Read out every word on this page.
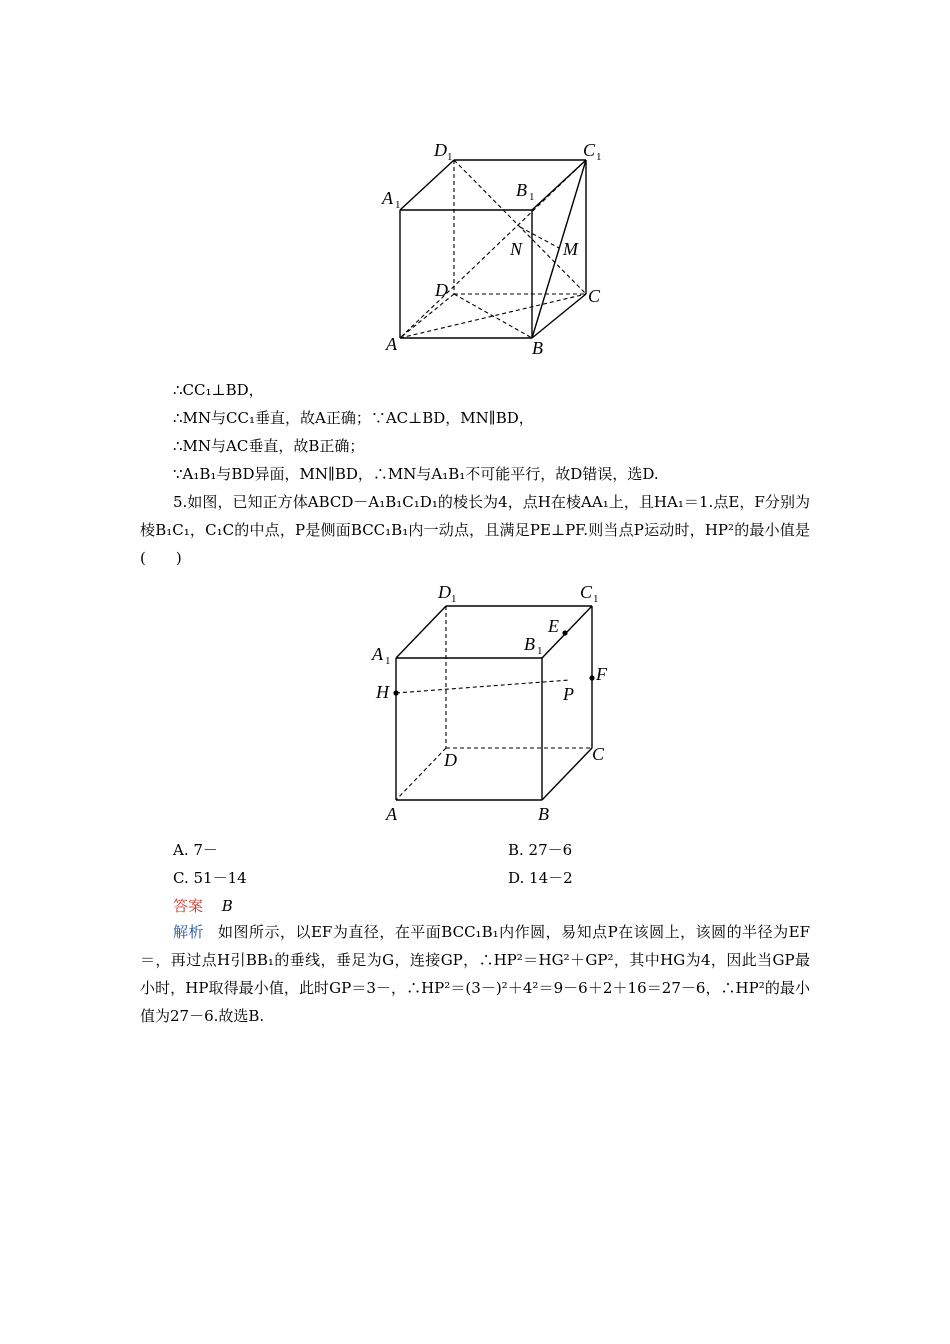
D 1	C 1
A 1
B 1
N M
D	C
A	B
∴CC₁⊥BD，
∴MN与CC₁垂直，故A正确；∵AC⊥BD，MN∥BD，
∴MN与AC垂直，故B正确；
∵A₁B₁与BD异面，MN∥BD，∴MN与A₁B₁不可能平行，故D错误，选D.
5.如图，已知正方体ABCD－A₁B₁C₁D₁的棱长为4，点H在棱AA₁上，且HA₁＝1.点E，F分别为棱B₁C₁，C₁C的中点，P是侧面BCC₁B₁内一动点，且满足PE⊥PF.则当点P运动时，HP²的最小值是(　　)
D 1	C 1
E
B 1
A 1
H	P
F
D	C
A	B
A. 7－	B. 27－6
C. 51－14	D. 14－2
答案 B
解析 如图所示，以EF为直径，在平面BCC₁B₁内作圆，易知点P在该圆上，该圆的半径为EF＝，再过点H引BB₁的垂线，垂足为G，连接GP，∴HP²＝HG²＋GP²，其中HG为4，因此当GP最小时，HP取得最小值，此时GP＝3－，∴HP²＝(3－)²＋4²＝9－6＋2＋16＝27－6，∴HP²的最小值为27－6.故选B.
